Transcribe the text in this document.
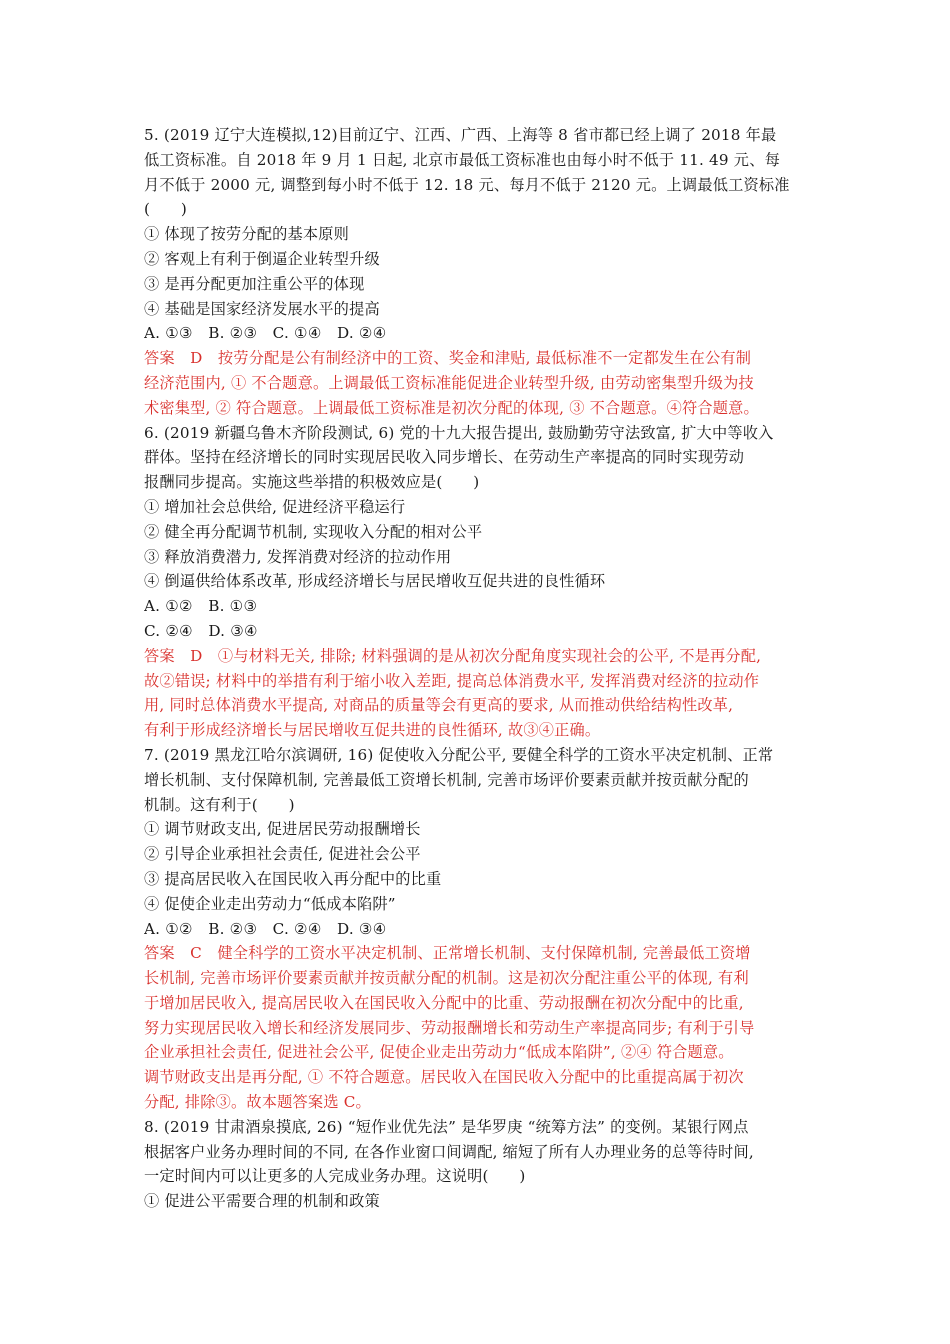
5. (2019 辽宁大连模拟,12)目前辽宁、江西、广西、上海等 8 省市都已经上调了 2018 年最
低工资标准。自 2018 年 9 月 1 日起, 北京市最低工资标准也由每小时不低于 11. 49 元、每
月不低于 2000 元, 调整到每小时不低于 12. 18 元、每月不低于 2120 元。上调最低工资标准
(　　)
① 体现了按劳分配的基本原则
② 客观上有利于倒逼企业转型升级
③ 是再分配更加注重公平的体现
④ 基础是国家经济发展水平的提高
A. ①③　B. ②③　C. ①④　D. ②④
答案　D　按劳分配是公有制经济中的工资、奖金和津贴, 最低标准不一定都发生在公有制
经济范围内, ① 不合题意。上调最低工资标准能促进企业转型升级, 由劳动密集型升级为技
术密集型, ② 符合题意。上调最低工资标准是初次分配的体现, ③ 不合题意。④符合题意。
6. (2019 新疆乌鲁木齐阶段测试, 6) 党的十九大报告提出, 鼓励勤劳守法致富, 扩大中等收入
群体。坚持在经济增长的同时实现居民收入同步增长、在劳动生产率提高的同时实现劳动
报酬同步提高。实施这些举措的积极效应是(　　)
① 增加社会总供给, 促进经济平稳运行
② 健全再分配调节机制, 实现收入分配的相对公平
③ 释放消费潜力, 发挥消费对经济的拉动作用
④ 倒逼供给体系改革, 形成经济增长与居民增收互促共进的良性循环
A. ①②　B. ①③
C. ②④　D. ③④
答案　D　①与材料无关, 排除; 材料强调的是从初次分配角度实现社会的公平, 不是再分配,
故②错误; 材料中的举措有利于缩小收入差距, 提高总体消费水平, 发挥消费对经济的拉动作
用, 同时总体消费水平提高, 对商品的质量等会有更高的要求, 从而推动供给结构性改革,
有利于形成经济增长与居民增收互促共进的良性循环, 故③④正确。
7. (2019 黑龙江哈尔滨调研, 16) 促使收入分配公平, 要健全科学的工资水平决定机制、正常
增长机制、支付保障机制, 完善最低工资增长机制, 完善市场评价要素贡献并按贡献分配的
机制。这有利于(　　)
① 调节财政支出, 促进居民劳动报酬增长
② 引导企业承担社会责任, 促进社会公平
③ 提高居民收入在国民收入再分配中的比重
④ 促使企业走出劳动力“低成本陷阱”
A. ①②　B. ②③　C. ②④　D. ③④
答案　C　健全科学的工资水平决定机制、正常增长机制、支付保障机制, 完善最低工资增
长机制, 完善市场评价要素贡献并按贡献分配的机制。这是初次分配注重公平的体现, 有利
于增加居民收入, 提高居民收入在国民收入分配中的比重、劳动报酬在初次分配中的比重,
努力实现居民收入增长和经济发展同步、劳动报酬增长和劳动生产率提高同步; 有利于引导
企业承担社会责任, 促进社会公平, 促使企业走出劳动力“低成本陷阱”, ②④ 符合题意。
调节财政支出是再分配, ① 不符合题意。居民收入在国民收入分配中的比重提高属于初次
分配, 排除③。故本题答案选 C。
8. (2019 甘肃酒泉摸底, 26) “短作业优先法” 是华罗庚 “统筹方法” 的变例。某银行网点
根据客户业务办理时间的不同, 在各作业窗口间调配, 缩短了所有人办理业务的总等待时间,
一定时间内可以让更多的人完成业务办理。这说明(　　)
① 促进公平需要合理的机制和政策
